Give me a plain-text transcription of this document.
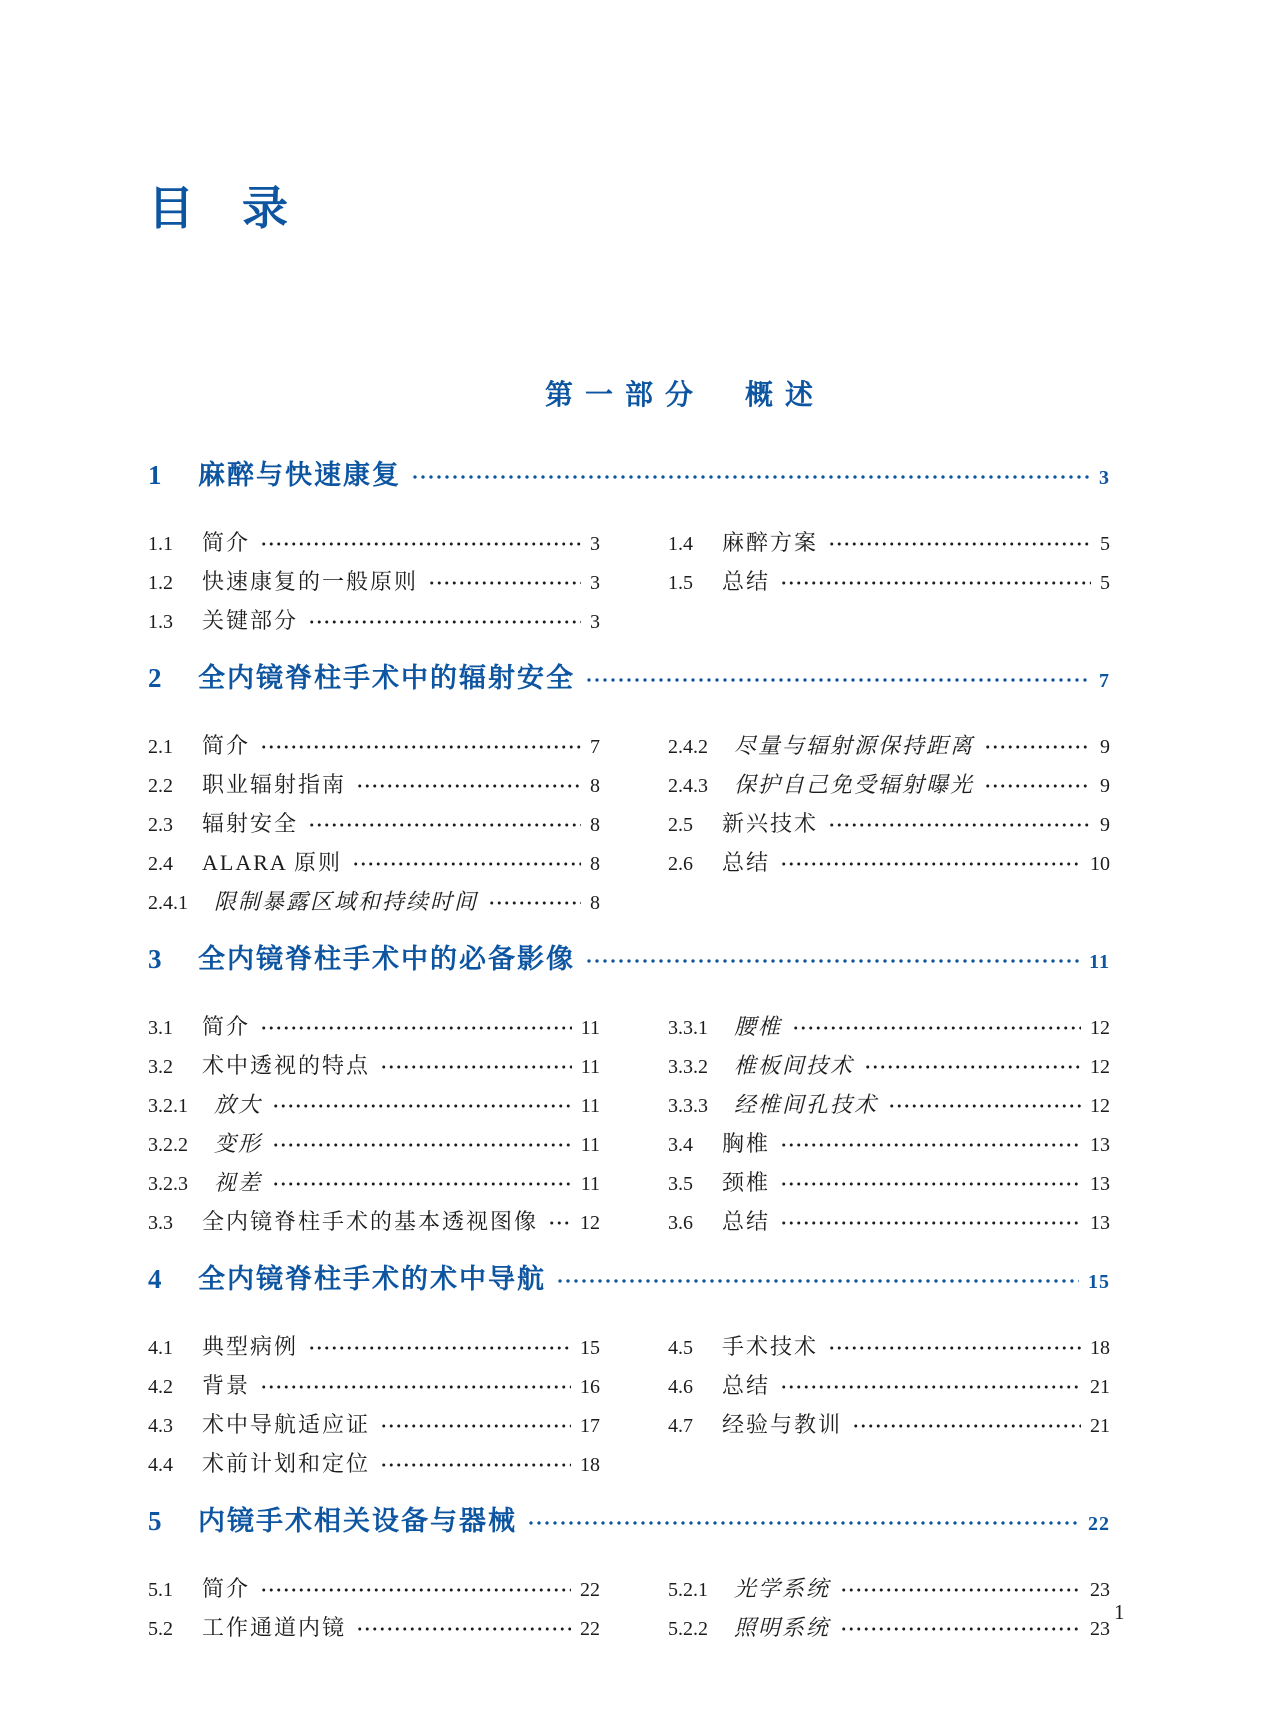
目　录
第一部分　概述
1	麻醉与快速康复	3
1.1	简介	3
1.2	快速康复的一般原则	3
1.3	关键部分	3
1.4	麻醉方案	5
1.5	总结	5
2	全内镜脊柱手术中的辐射安全	7
2.1	简介	7
2.2	职业辐射指南	8
2.3	辐射安全	8
2.4	ALARA 原则	8
2.4.1	限制暴露区域和持续时间	8
2.4.2	尽量与辐射源保持距离	9
2.4.3	保护自己免受辐射曝光	9
2.5	新兴技术	9
2.6	总结	10
3	全内镜脊柱手术中的必备影像	11
3.1	简介	11
3.2	术中透视的特点	11
3.2.1	放大	11
3.2.2	变形	11
3.2.3	视差	11
3.3	全内镜脊柱手术的基本透视图像 12
3.3.1	腰椎	12
3.3.2	椎板间技术	12
3.3.3	经椎间孔技术	12
3.4	胸椎	13
3.5	颈椎	13
3.6	总结	13
4	全内镜脊柱手术的术中导航	15
4.1	典型病例	15
4.2	背景	16
4.3	术中导航适应证	17
4.4	术前计划和定位	18
4.5	手术技术	18
4.6	总结	21
4.7	经验与教训	21
5	内镜手术相关设备与器械	22
5.1	简介	22
5.2	工作通道内镜	22
5.2.1	光学系统	23
5.2.2	照明系统	23
1
